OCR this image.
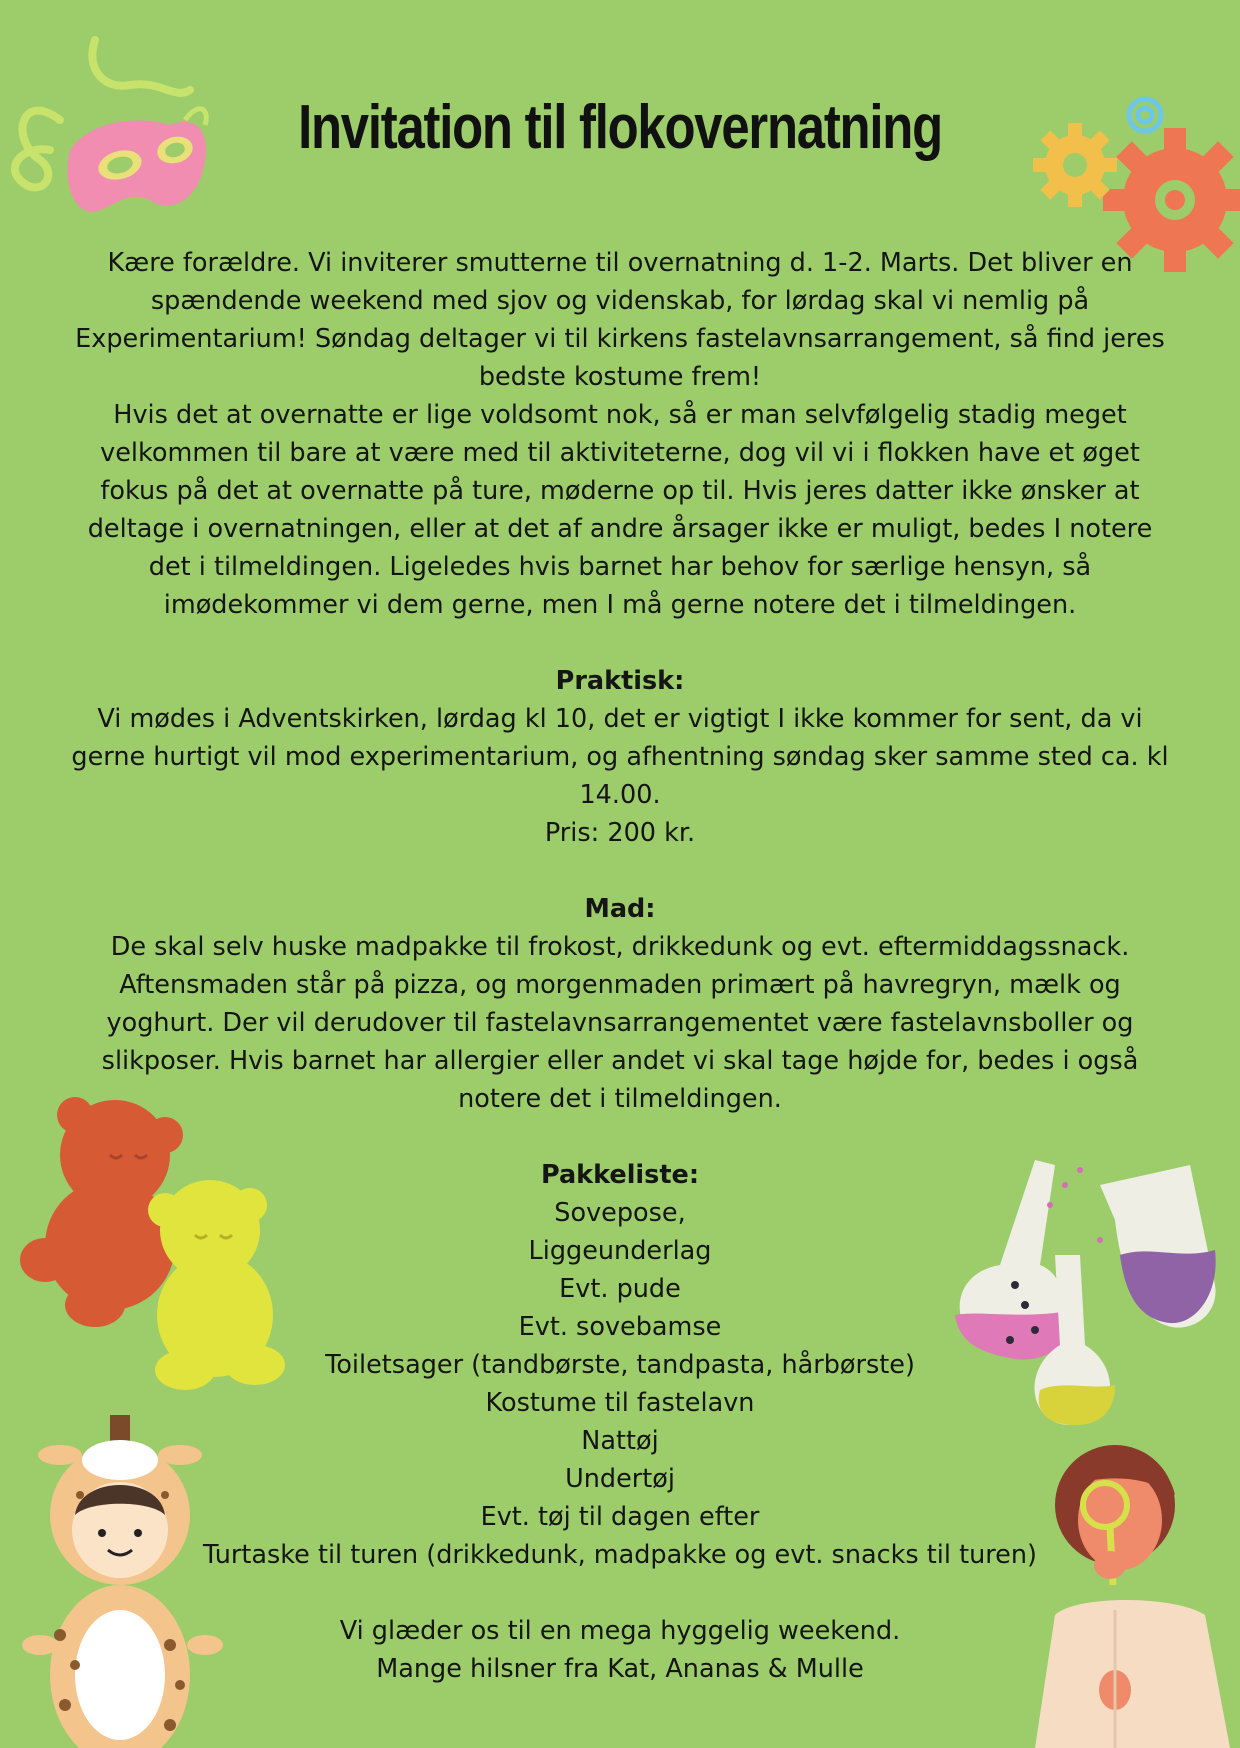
Invitation til flokovernatning

Kære forældre. Vi inviterer smutterne til overnatning d. 1-2. Marts. Det bliver en spændende weekend med sjov og videnskab, for lørdag skal vi nemlig på Experimentarium! Søndag deltager vi til kirkens fastelavnsarrangement, så find jeres bedste kostume frem!

Hvis det at overnatte er lige voldsomt nok, så er man selvfølgelig stadig meget velkommen til bare at være med til aktiviteterne, dog vil vi i flokken have et øget fokus på det at overnatte på ture, møderne op til. Hvis jeres datter ikke ønsker at deltage i overnatningen, eller at det af andre årsager ikke er muligt, bedes I notere det i tilmeldingen. Ligeledes hvis barnet har behov for særlige hensyn, så imødekommer vi dem gerne, men I må gerne notere det i tilmeldingen.

Praktisk:

Vi mødes i Adventskirken, lørdag kl 10, det er vigtigt I ikke kommer for sent, da vi gerne hurtigt vil mod experimentarium, og afhentning søndag sker samme sted ca. kl 14.00.

Pris: 200 kr.

Mad:

De skal selv huske madpakke til frokost, drikkedunk og evt. eftermiddagssnack. Aftensmaden står på pizza, og morgenmaden primært på havregryn, mælk og yoghurt. Der vil derudover til fastelavnsarrangementet være fastelavnsboller og slikposer. Hvis barnet har allergier eller andet vi skal tage højde for, bedes i også notere det i tilmeldingen.

Pakkeliste:

Sovepose,
Liggeunderlag
Evt. pude
Evt. sovebamse
Toiletsager (tandbørste, tandpasta, hårbørste)
Kostume til fastelavn
Nattøj
Undertøj
Evt. tøj til dagen efter
Turtaske til turen (drikkedunk, madpakke og evt. snacks til turen)

Vi glæder os til en mega hyggelig weekend.

Mange hilsner fra Kat, Ananas & Mulle
